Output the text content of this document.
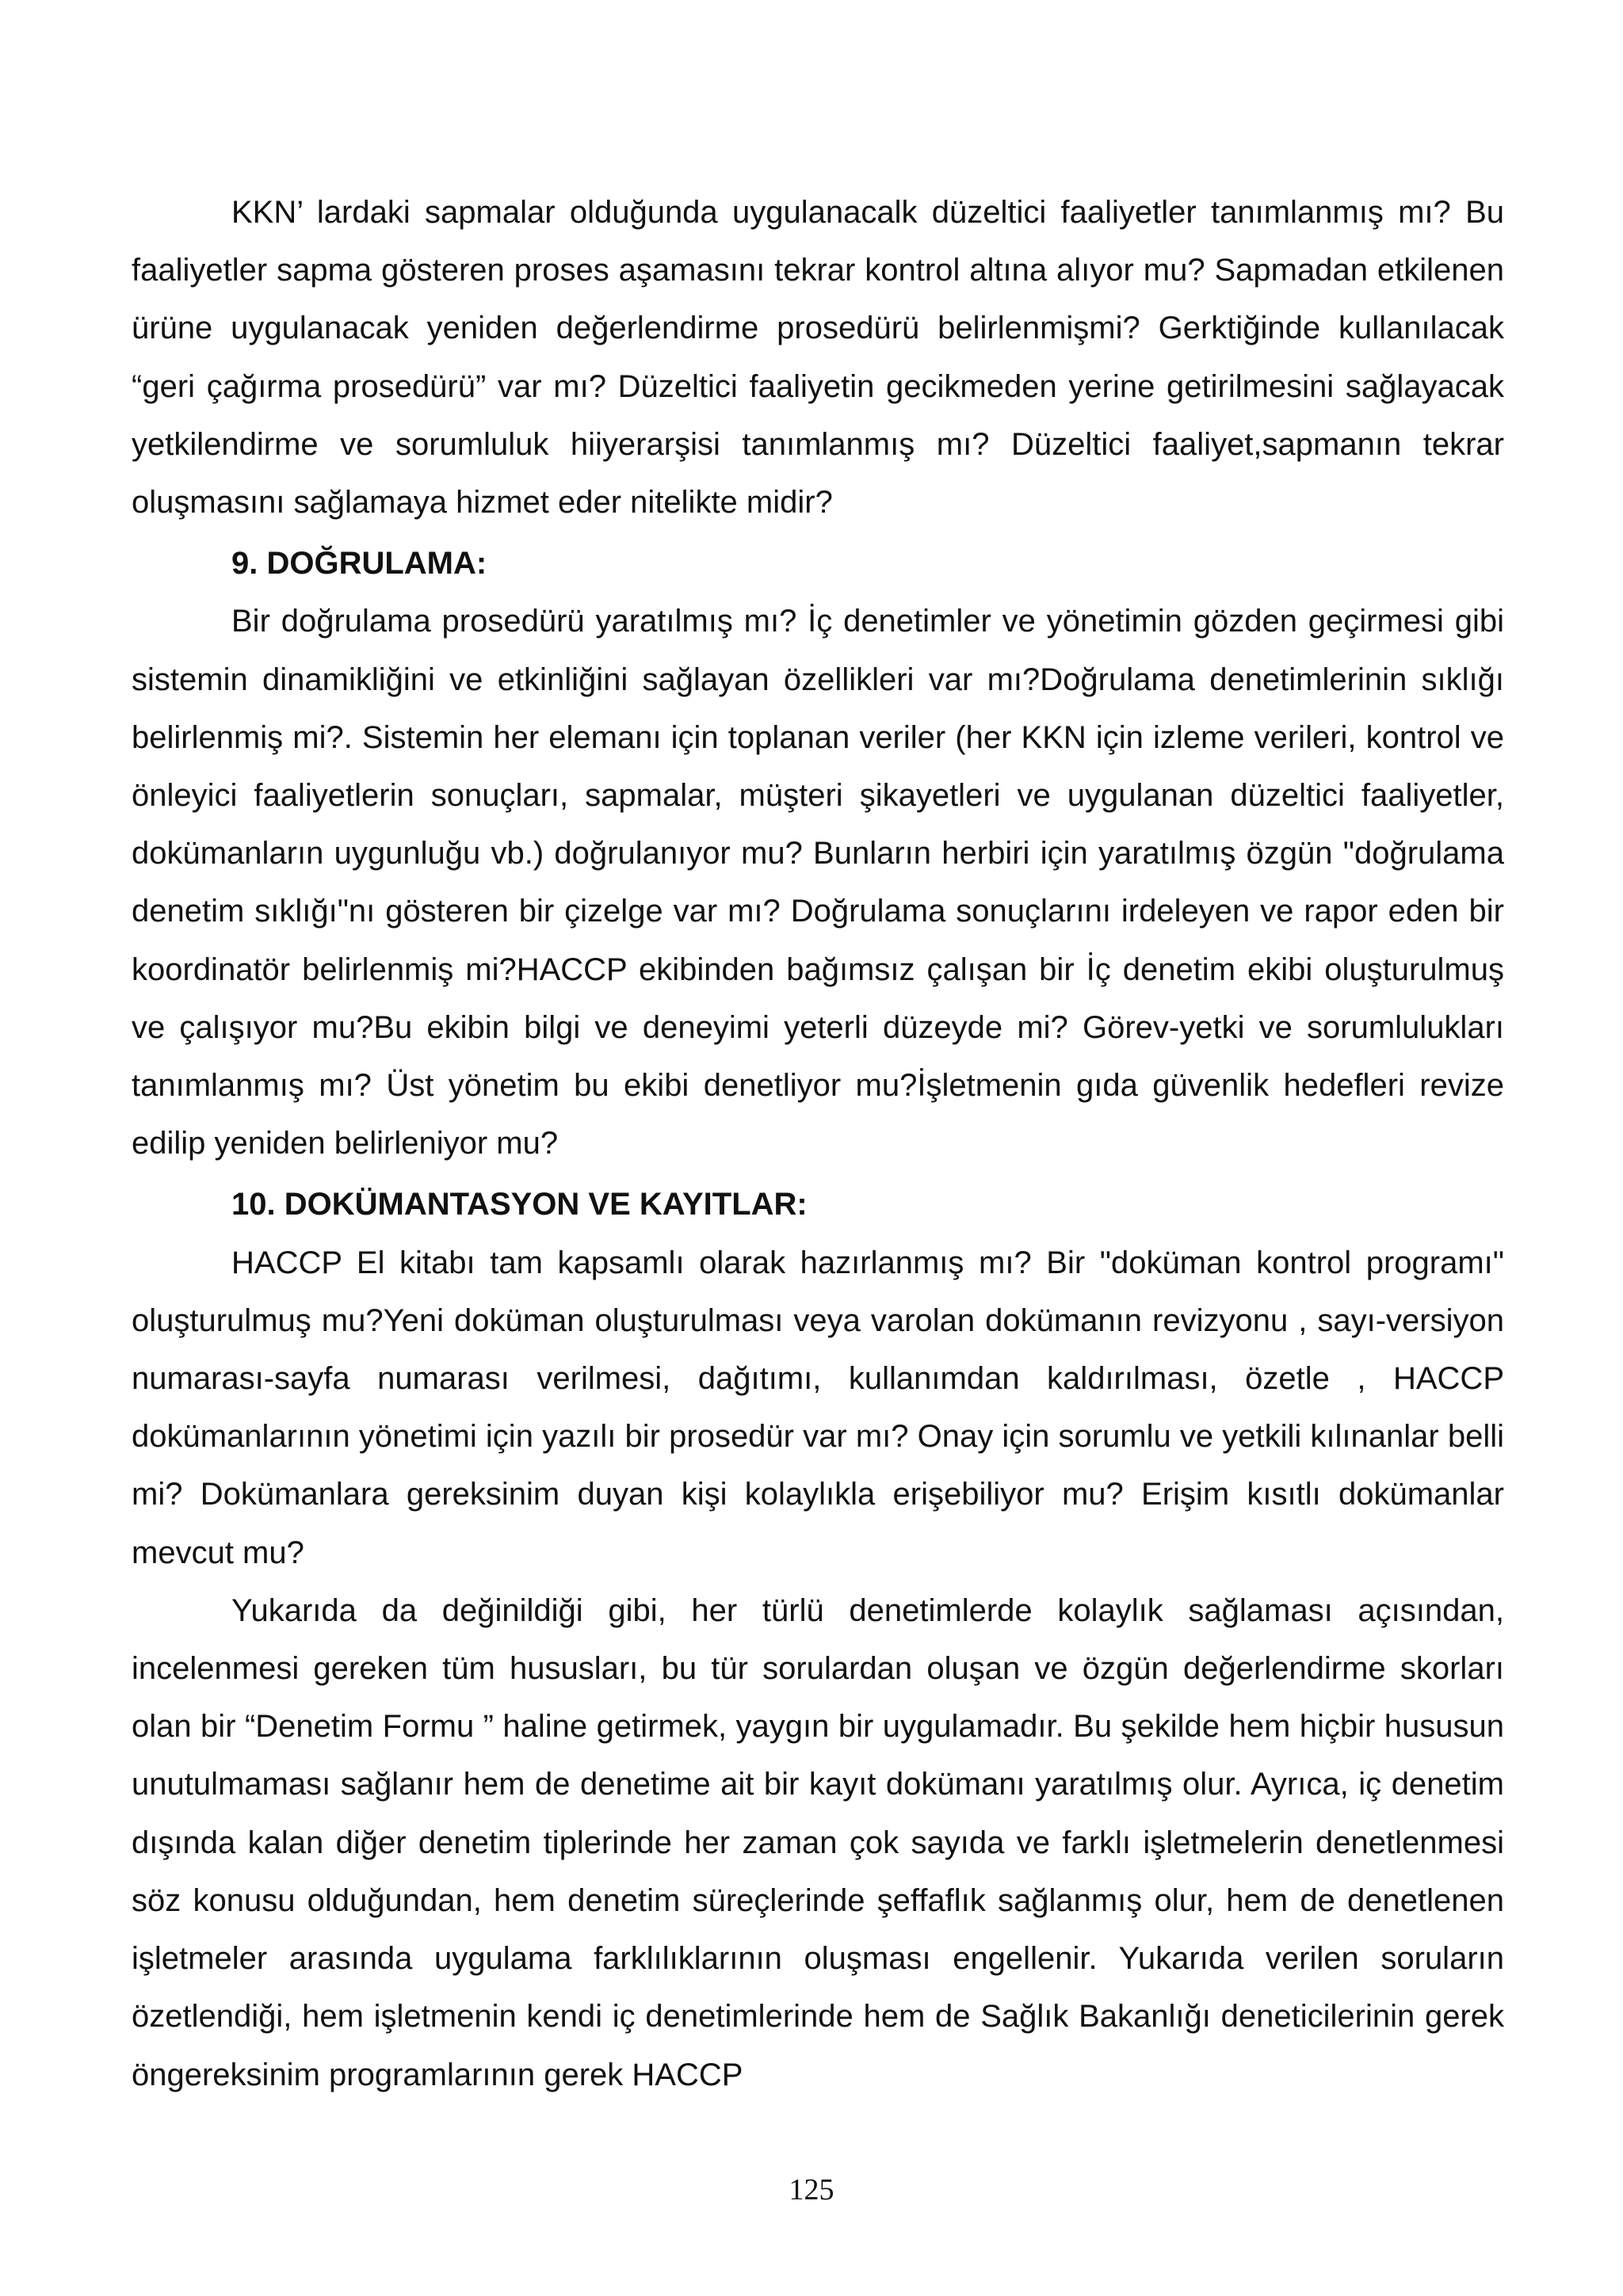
KKN’ lardaki sapmalar olduğunda uygulanacalk düzeltici faaliyetler tanımlanmış mı? Bu faaliyetler sapma gösteren proses aşamasını tekrar kontrol altına alıyor mu? Sapmadan etkilenen ürüne uygulanacak yeniden değerlendirme prosedürü belirlenmişmi? Gerktiğinde kullanılacak “geri çağırma prosedürü” var mı? Düzeltici faaliyetin gecikmeden yerine getirilmesini sağlayacak yetkilendirme ve sorumluluk hiiyerarşisi tanımlanmış mı? Düzeltici faaliyet,sapmanın tekrar oluşmasını sağlamaya hizmet eder nitelikte midir?

9. DOĞRULAMA:

Bir doğrulama prosedürü yaratılmış mı? İç denetimler ve yönetimin gözden geçirmesi gibi sistemin dinamikliğini ve etkinliğini sağlayan özellikleri var mı?Doğrulama denetimlerinin sıklığı belirlenmiş mi?. Sistemin her elemanı için toplanan veriler (her KKN için izleme verileri, kontrol ve önleyici faaliyetlerin sonuçları, sapmalar, müşteri şikayetleri ve uygulanan düzeltici faaliyetler, dokümanların uygunluğu vb.) doğrulanıyor mu? Bunların herbiri için yaratılmış özgün "doğrulama denetim sıklığı"nı gösteren bir çizelge var mı? Doğrulama sonuçlarını irdeleyen ve rapor eden bir koordinatör belirlenmiş mi?HACCP ekibinden bağımsız çalışan bir İç denetim ekibi oluşturulmuş ve çalışıyor mu?Bu ekibin bilgi ve deneyimi yeterli düzeyde mi? Görev-yetki ve sorumlulukları tanımlanmış mı? Üst yönetim bu ekibi denetliyor mu?İşletmenin gıda güvenlik hedefleri revize edilip yeniden belirleniyor mu?

10. DOKÜMANTASYON VE KAYITLAR:

HACCP El kitabı tam kapsamlı olarak hazırlanmış mı? Bir "doküman kontrol programı" oluşturulmuş mu?Yeni doküman oluşturulması veya varolan dokümanın revizyonu , sayı-versiyon numarası-sayfa numarası verilmesi, dağıtımı, kullanımdan kaldırılması, özetle , HACCP dokümanlarının yönetimi için yazılı bir prosedür var mı? Onay için sorumlu ve yetkili kılınanlar belli mi? Dokümanlara gereksinim duyan kişi kolaylıkla erişebiliyor mu? Erişim kısıtlı dokümanlar mevcut mu?

Yukarıda da değinildiği gibi, her türlü denetimlerde kolaylık sağlaması açısından, incelenmesi gereken tüm hususları, bu tür sorulardan oluşan ve özgün değerlendirme skorları olan bir “Denetim Formu ” haline getirmek, yaygın bir uygulamadır. Bu şekilde hem hiçbir hususun unutulmaması sağlanır hem de denetime ait bir kayıt dokümanı yaratılmış olur. Ayrıca, iç denetim dışında kalan diğer denetim tiplerinde her zaman çok sayıda ve farklı işletmelerin denetlenmesi söz konusu olduğundan, hem denetim süreçlerinde şeffaflık sağlanmış olur, hem de denetlenen işletmeler arasında uygulama farklılıklarının oluşması engellenir. Yukarıda verilen soruların özetlendiği, hem işletmenin kendi iç denetimlerinde hem de Sağlık Bakanlığı deneticilerinin gerek öngereksinim programlarının gerek HACCP

125
